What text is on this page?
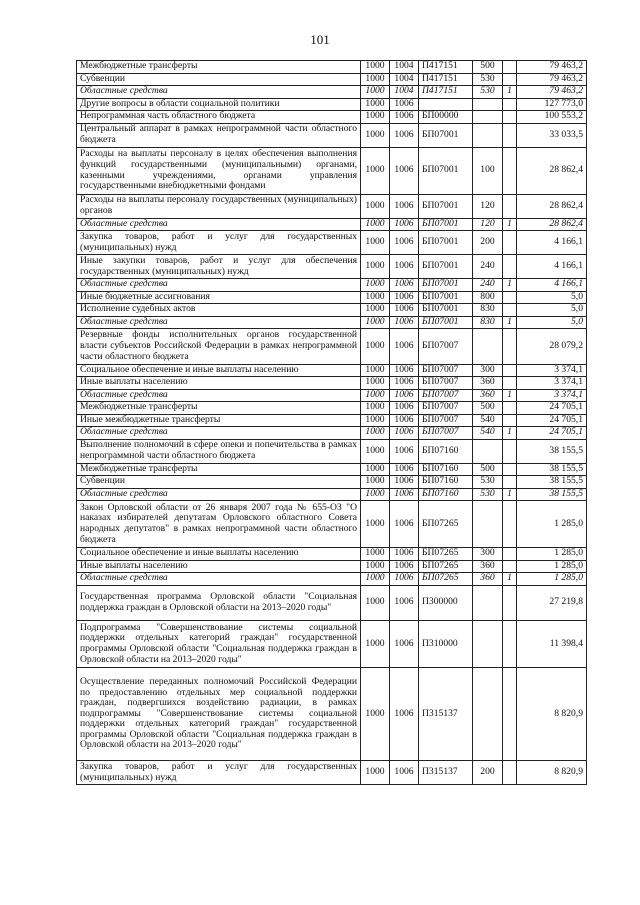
101
Межбюджетные трансферты	1000	1004	П417151	500		79 463,2
Субвенции	1000	1004	П417151	530		79 463,2
Областные средства	1000	1004	П417151	530	1	79 463,2
Другие вопросы в области социальной политики	1000	1006				127 773,0
Непрограммная часть областного бюджета	1000	1006	БП00000			100 553,2
Центральный аппарат в рамках непрограммной части областного бюджета	1000	1006	БП07001			33 033,5
Расходы на выплаты персоналу в целях обеспечения выполнения функций государственными (муниципальными) органами, казенными учреждениями, органами управления государственными внебюджетными фондами	1000	1006	БП07001	100		28 862,4
Расходы на выплаты персоналу государственных (муниципальных) органов	1000	1006	БП07001	120		28 862,4
Областные средства	1000	1006	БП07001	120	1	28 862,4
Закупка товаров, работ и услуг для государственных (муниципальных) нужд	1000	1006	БП07001	200		4 166,1
Иные закупки товаров, работ и услуг для обеспечения государственных (муниципальных) нужд	1000	1006	БП07001	240		4 166,1
Областные средства	1000	1006	БП07001	240	1	4 166,1
Иные бюджетные ассигнования	1000	1006	БП07001	800		5,0
Исполнение судебных актов	1000	1006	БП07001	830		5,0
Областные средства	1000	1006	БП07001	830	1	5,0
Резервные фонды исполнительных органов государственной власти субъектов Российской Федерации в рамках непрограммной части областного бюджета	1000	1006	БП07007			28 079,2
Социальное обеспечение и иные выплаты населению	1000	1006	БП07007	300		3 374,1
Иные выплаты населению	1000	1006	БП07007	360		3 374,1
Областные средства	1000	1006	БП07007	360	1	3 374,1
Межбюджетные трансферты	1000	1006	БП07007	500		24 705,1
Иные межбюджетные трансферты	1000	1006	БП07007	540		24 705,1
Областные средства	1000	1006	БП07007	540	1	24 705,1
Выполнение полномочий в сфере опеки и попечительства в рамках непрограммной части областного бюджета	1000	1006	БП07160			38 155,5
Межбюджетные трансферты	1000	1006	БП07160	500		38 155,5
Субвенции	1000	1006	БП07160	530		38 155,5
Областные средства	1000	1006	БП07160	530	1	38 155,5
Закон Орловской области от 26 января 2007 года № 655-ОЗ "О наказах избирателей депутатам Орловского областного Совета народных депутатов" в рамках непрограммной части областного бюджета	1000	1006	БП07265			1 285,0
Социальное обеспечение и иные выплаты населению	1000	1006	БП07265	300		1 285,0
Иные выплаты населению	1000	1006	БП07265	360		1 285,0
Областные средства	1000	1006	БП07265	360	1	1 285,0
Государственная программа Орловской области "Социальная поддержка граждан в Орловской области на 2013–2020 годы"	1000	1006	П300000			27 219,8
Подпрограмма "Совершенствование системы социальной поддержки отдельных категорий граждан" государственной программы Орловской области "Социальная поддержка граждан в Орловской области на 2013–2020 годы"	1000	1006	П310000			11 398,4
Осуществление переданных полномочий Российской Федерации по предоставлению отдельных мер социальной поддержки граждан, подвергшихся воздействию радиации, в рамках подпрограммы "Совершенствование системы социальной поддержки отдельных категорий граждан" государственной программы Орловской области "Социальная поддержка граждан в Орловской области на 2013–2020 годы"	1000	1006	П315137			8 820,9
Закупка товаров, работ и услуг для государственных (муниципальных) нужд	1000	1006	П315137	200		8 820,9
